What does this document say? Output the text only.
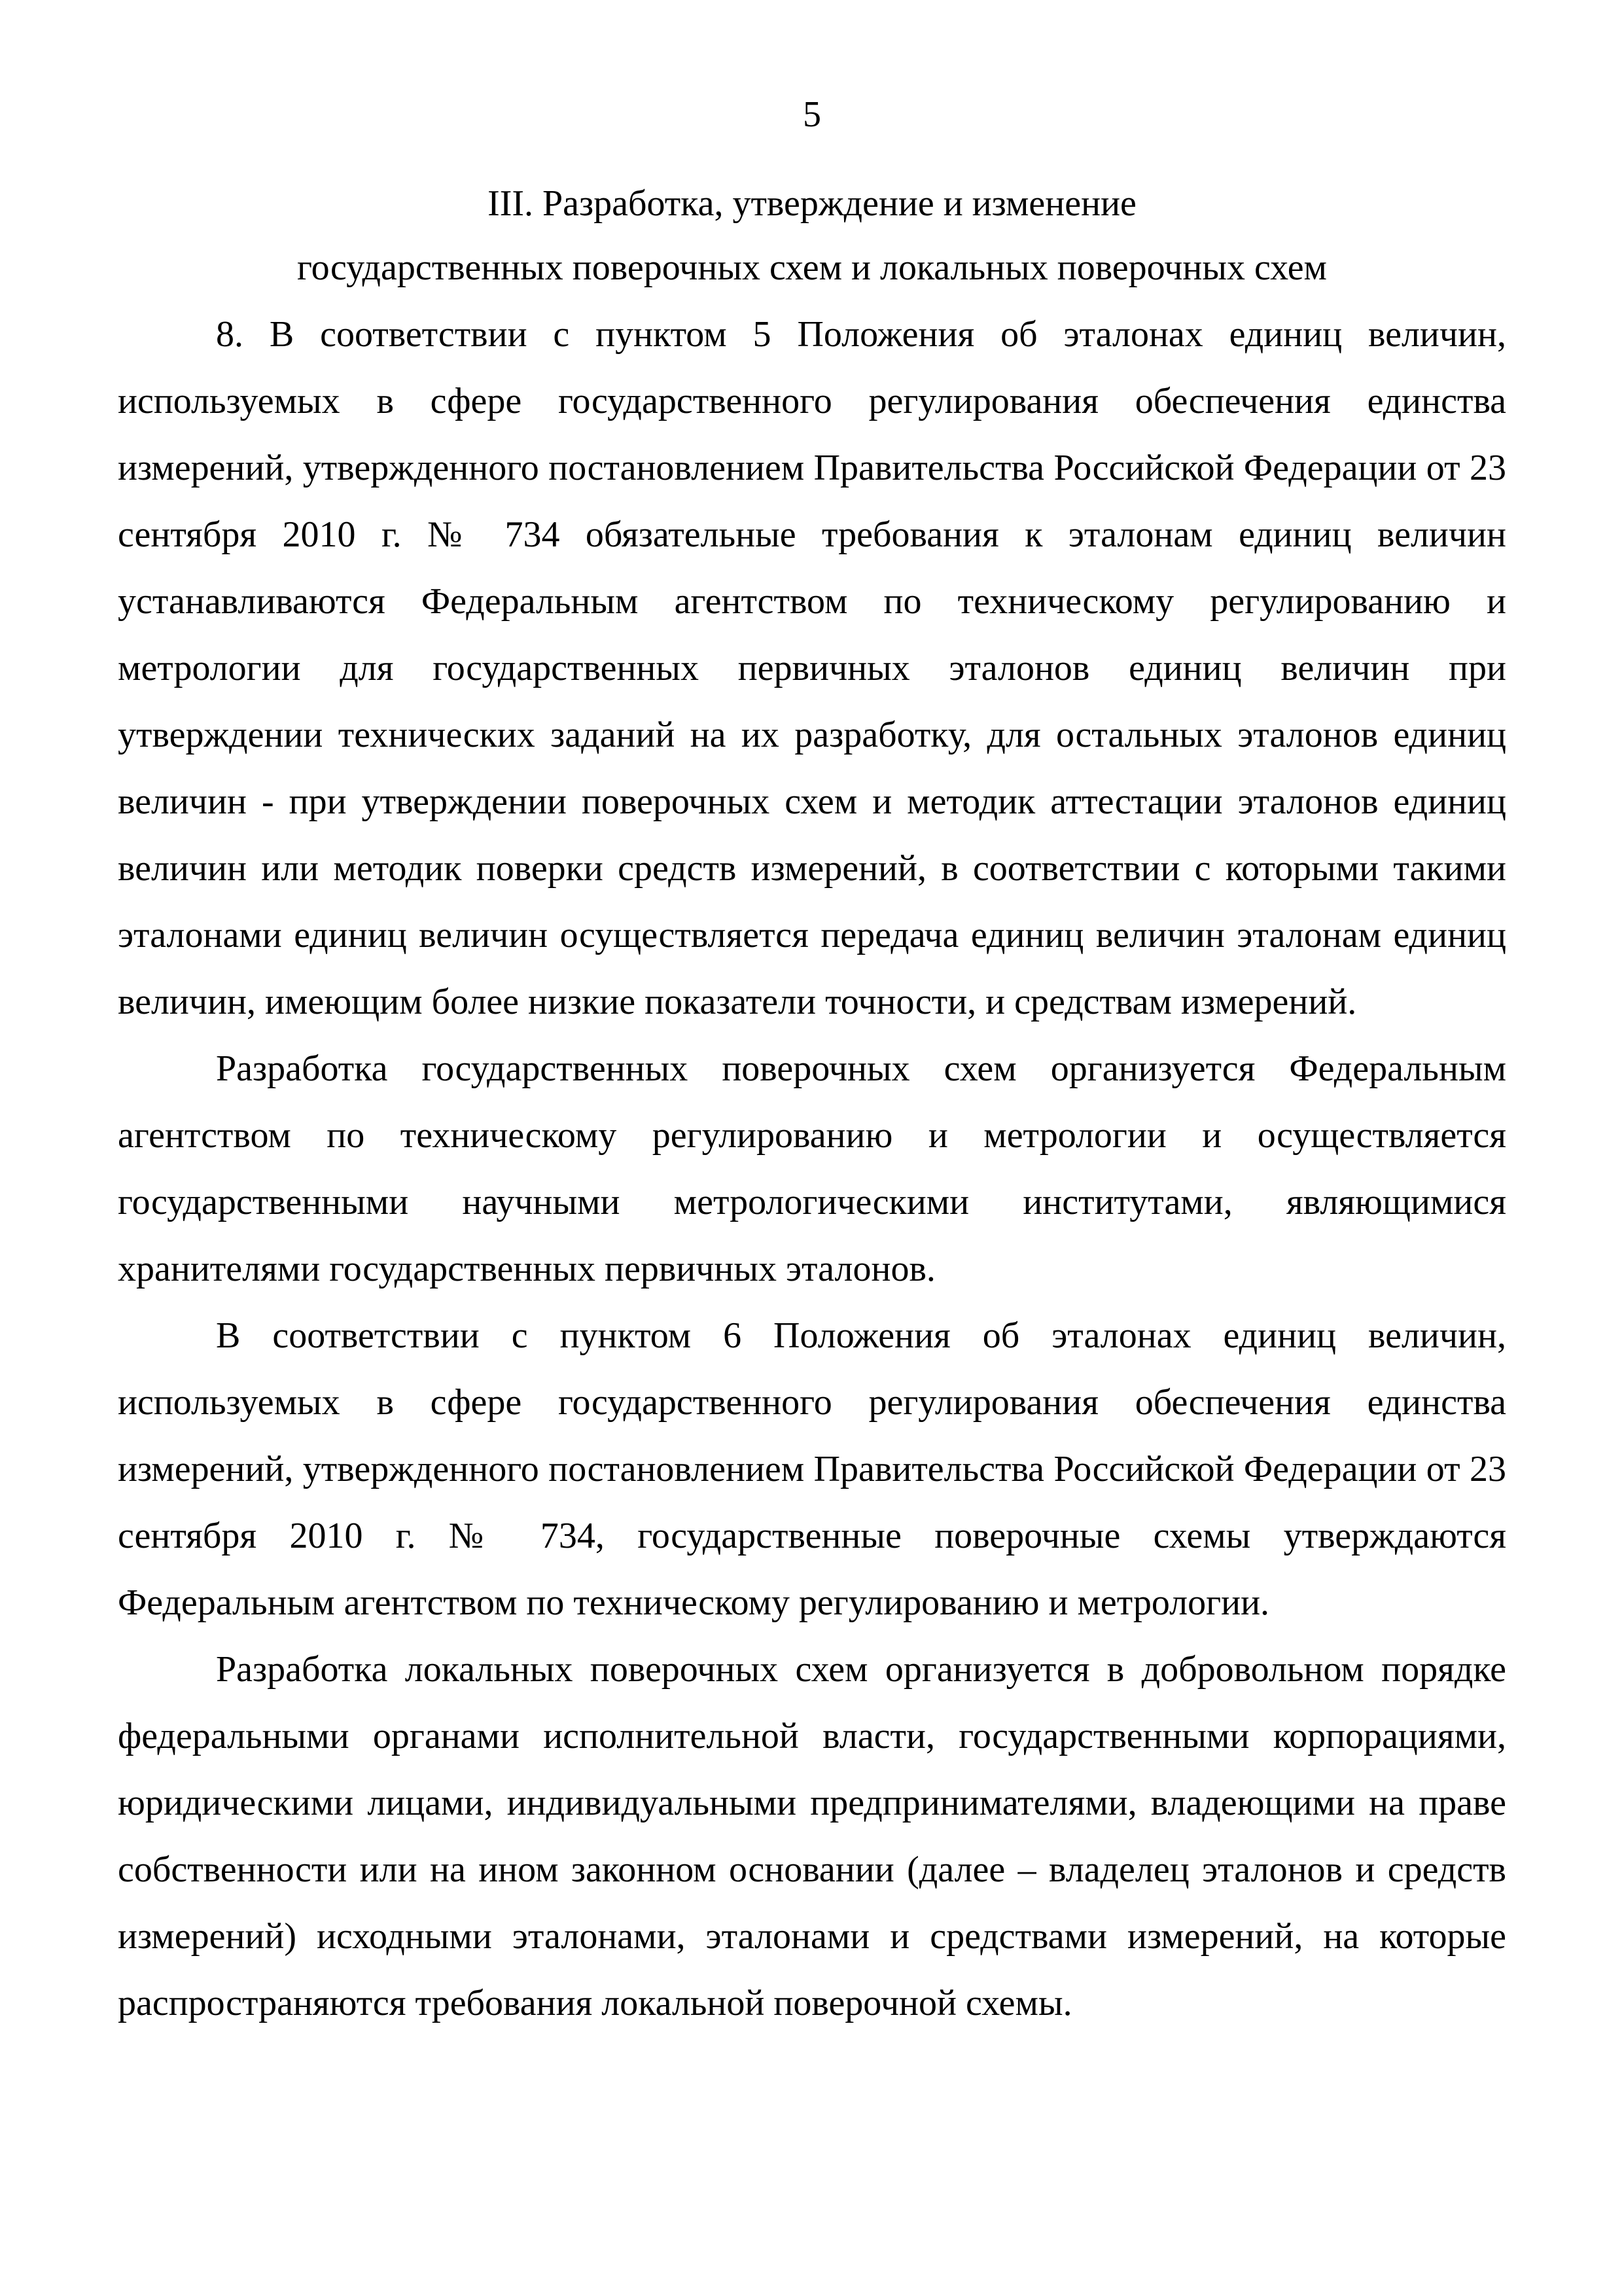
5
III. Разработка, утверждение и изменение
государственных поверочных схем и локальных поверочных схем

8. В соответствии с пунктом 5 Положения об эталонах единиц величин, используемых в сфере государственного регулирования обеспечения единства измерений, утвержденного постановлением Правительства Российской Федерации от 23 сентября 2010 г. № 734 обязательные требования к эталонам единиц величин устанавливаются Федеральным агентством по техническому регулированию и метрологии для государственных первичных эталонов единиц величин при утверждении технических заданий на их разработку, для остальных эталонов единиц величин - при утверждении поверочных схем и методик аттестации эталонов единиц величин или методик поверки средств измерений, в соответствии с которыми такими эталонами единиц величин осуществляется передача единиц величин эталонам единиц величин, имеющим более низкие показатели точности, и средствам измерений.

Разработка государственных поверочных схем организуется Федеральным агентством по техническому регулированию и метрологии и осуществляется государственными научными метрологическими институтами, являющимися хранителями государственных первичных эталонов.

В соответствии с пунктом 6 Положения об эталонах единиц величин, используемых в сфере государственного регулирования обеспечения единства измерений, утвержденного постановлением Правительства Российской Федерации от 23 сентября 2010 г. № 734, государственные поверочные схемы утверждаются Федеральным агентством по техническому регулированию и метрологии.

Разработка локальных поверочных схем организуется в добровольном порядке федеральными органами исполнительной власти, государственными корпорациями, юридическими лицами, индивидуальными предпринимателями, владеющими на праве собственности или на ином законном основании (далее – владелец эталонов и средств измерений) исходными эталонами, эталонами и средствами измерений, на которые распространяются требования локальной поверочной схемы.
